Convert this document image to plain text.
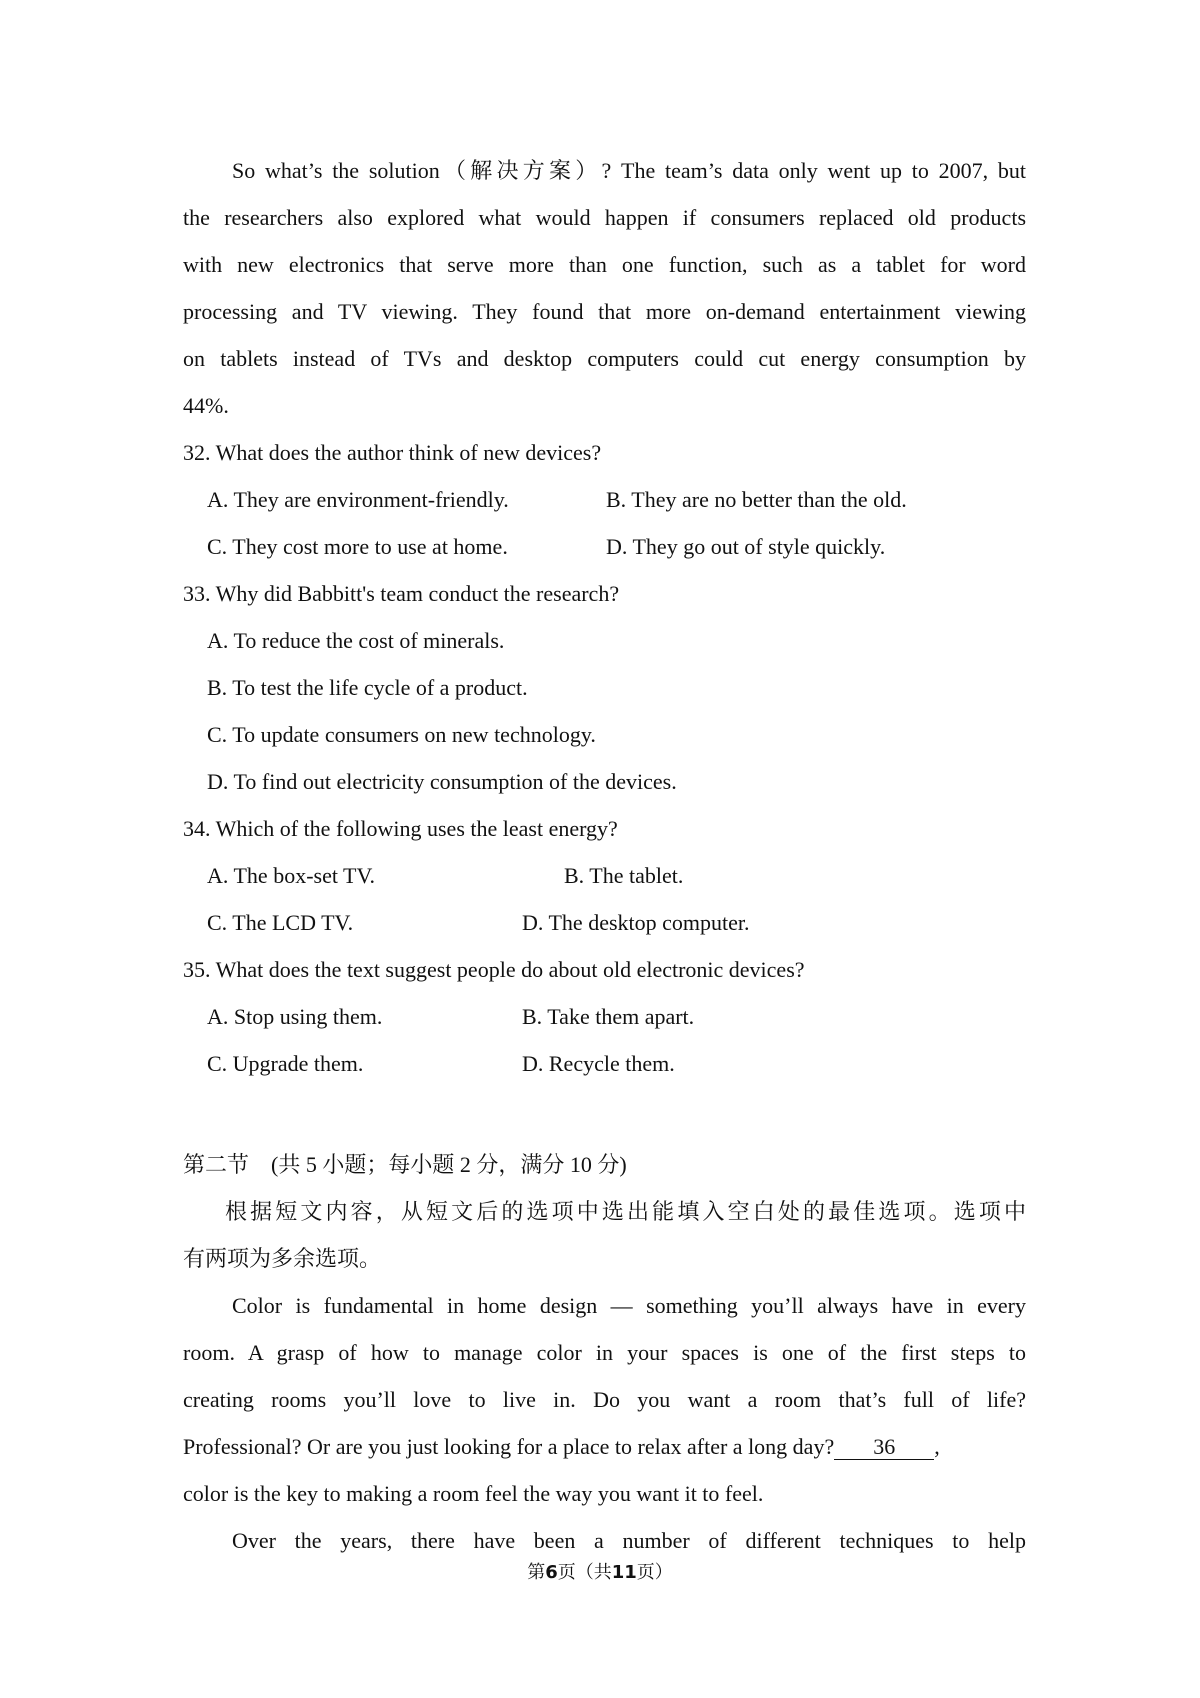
So what’s the solution（解决方案）? The team’s data only went up to 2007, but
the researchers also explored what would happen if consumers replaced old products
with new electronics that serve more than one function, such as a tablet for word
processing and TV viewing. They found that more on-demand entertainment viewing
on tablets instead of TVs and desktop computers could cut energy consumption by
44%.
32. What does the author think of new devices?
A. They are environment-friendly.	B. They are no better than the old.
C. They cost more to use at home.	D. They go out of style quickly.
33. Why did Babbitt's team conduct the research?
A. To reduce the cost of minerals.
B. To test the life cycle of a product.
C. To update consumers on new technology.
D. To find out electricity consumption of the devices.
34. Which of the following uses the least energy?
A. The box-set TV.	B. The tablet.
C. The LCD TV.	D. The desktop computer.
35. What does the text suggest people do about old electronic devices?
A. Stop using them.	B. Take them apart.
C. Upgrade them.	D. Recycle them.
第二节　(共 5 小题；每小题 2 分，满分 10 分)
根据短文内容，从短文后的选项中选出能填入空白处的最佳选项。选项中
有两项为多余选项。
Color is fundamental in home design — something you’ll always have in every
room. A grasp of how to manage color in your spaces is one of the first steps to
creating rooms you’ll love to live in. Do you want a room that’s full of life?
Professional? Or are you just looking for a place to relax after a long day? 36 ,
color is the key to making a room feel the way you want it to feel.
Over the years, there have been a number of different techniques to help
第6页（共11页）
